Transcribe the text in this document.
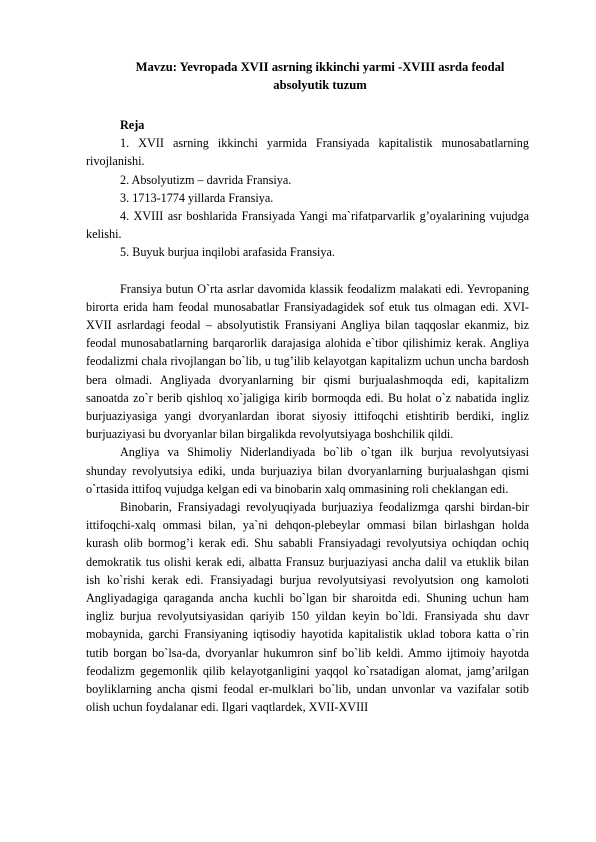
Mavzu: Yevropada XVII asrning ikkinchi yarmi -XVIII asrda feodal
absolyutik tuzum

Reja

1. XVII asrning ikkinchi yarmida Fransiyada kapitalistik munosabatlarning rivojlanishi.

2. Absolyutizm – davrida Fransiya.

3. 1713-1774 yillarda Fransiya.

4. XVIII asr boshlarida Fransiyada Yangi ma`rifatparvarlik g’oyalarining vujudga kelishi.

5. Buyuk burjua inqilobi arafasida Fransiya.

Fransiya butun O`rta asrlar davomida klassik feodalizm malakati edi. Yevropaning birorta erida ham feodal munosabatlar Fransiyadagidek sof etuk tus olmagan edi. XVI-XVII asrlardagi feodal – absolyutistik Fransiyani Angliya bilan taqqoslar ekanmiz, biz feodal munosabatlarning barqarorlik darajasiga alohida e`tibor qilishimiz kerak. Angliya feodalizmi chala rivojlangan bo`lib, u tug’ilib kelayotgan kapitalizm uchun uncha bardosh bera olmadi. Angliyada dvoryanlarning bir qismi burjualashmoqda edi, kapitalizm sanoatda zo`r berib qishloq xo`jaligiga kirib bormoqda edi. Bu holat o`z nabatida ingliz burjuaziyasiga yangi dvoryanlardan iborat siyosiy ittifoqchi etishtirib berdiki, ingliz burjuaziyasi bu dvoryanlar bilan birgalikda revolyutsiyaga boshchilik qildi.

Angliya va Shimoliy Niderlandiyada bo`lib o`tgan ilk burjua revolyutsiyasi shunday revolyutsiya ediki, unda burjuaziya bilan dvoryanlarning burjualashgan qismi o`rtasida ittifoq vujudga kelgan edi va binobarin xalq ommasining roli cheklangan edi.

Binobarin, Fransiyadagi revolyuqiyada burjuaziya feodalizmga qarshi birdan-bir ittifoqchi-xalq ommasi bilan, ya`ni dehqon-plebeylar ommasi bilan birlashgan holda kurash olib bormog’i kerak edi. Shu sababli Fransiyadagi revolyutsiya ochiqdan ochiq demokratik tus olishi kerak edi, albatta Fransuz burjuaziyasi ancha dalil va etuklik bilan ish ko`rishi kerak edi. Fransiyadagi burjua revolyutsiyasi revolyutsion ong kamoloti Angliyadagiga qaraganda ancha kuchli bo`lgan bir sharoitda edi. Shuning uchun ham ingliz burjua revolyutsiyasidan qariyib 150 yildan keyin bo`ldi. Fransiyada shu davr mobaynida, garchi Fransiyaning iqtisodiy hayotida kapitalistik uklad tobora katta o`rin tutib borgan bo`lsa-da, dvoryanlar hukumron sinf bo`lib keldi. Ammo ijtimoiy hayotda feodalizm gegemonlik qilib kelayotganligini yaqqol ko`rsatadigan alomat, jamg’arilgan boyliklarning ancha qismi feodal er-mulklari bo`lib, undan unvonlar va vazifalar sotib olish uchun foydalanar edi. Ilgari vaqtlardek, XVII-XVIII
